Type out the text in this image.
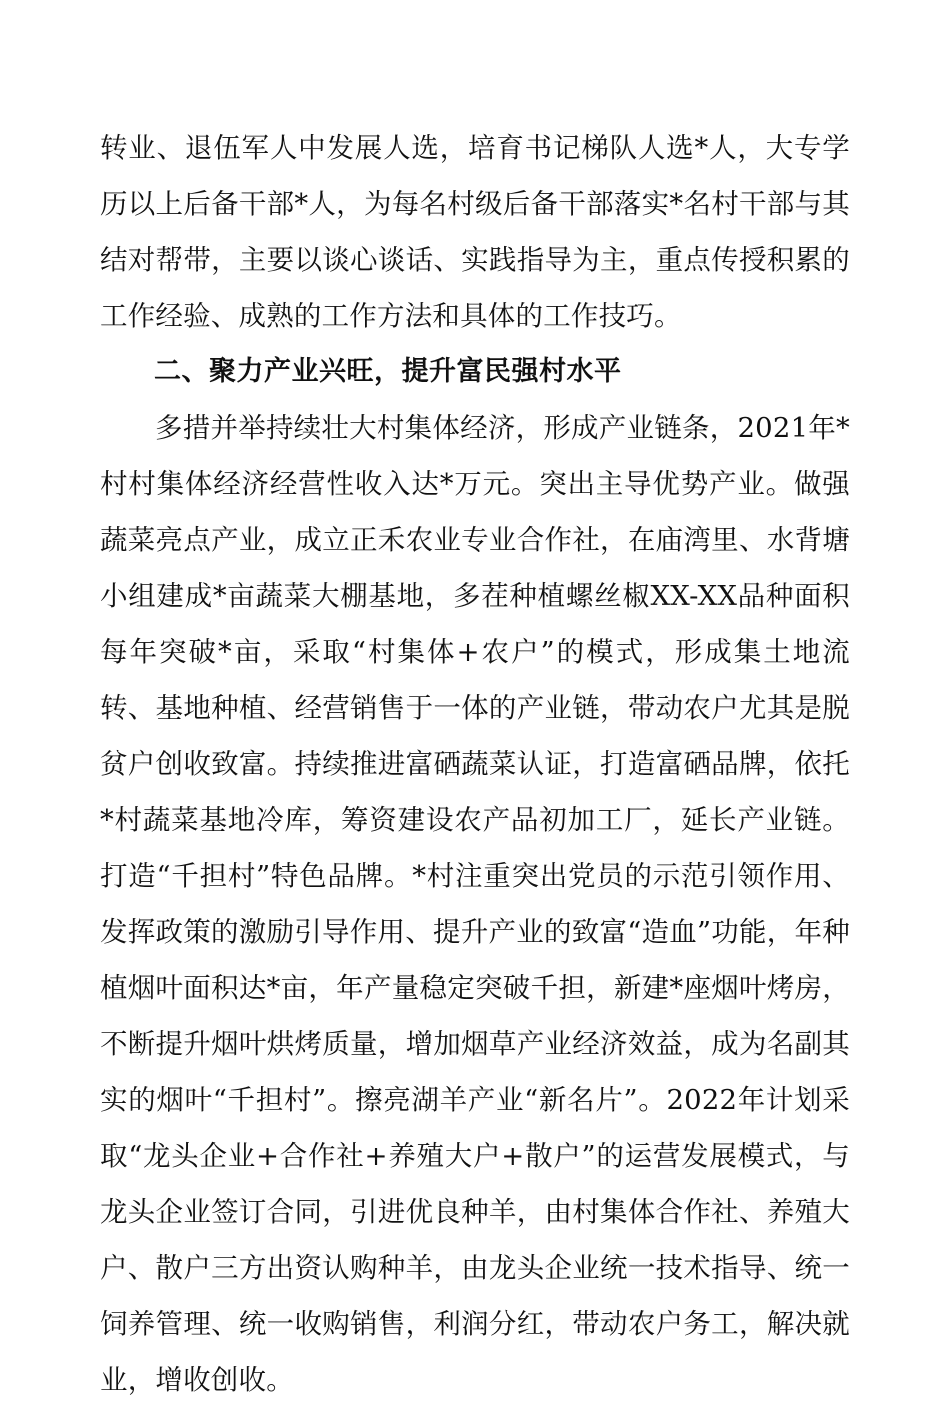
转业、退伍军人中发展人选，培育书记梯队人选*人，大专学历以上后备干部*人，为每名村级后备干部落实*名村干部与其结对帮带，主要以谈心谈话、实践指导为主，重点传授积累的工作经验、成熟的工作方法和具体的工作技巧。

二、聚力产业兴旺，提升富民强村水平

多措并举持续壮大村集体经济，形成产业链条，2021年*村村集体经济经营性收入达*万元。突出主导优势产业。做强蔬菜亮点产业，成立正禾农业专业合作社，在庙湾里、水背塘小组建成*亩蔬菜大棚基地，多茬种植螺丝椒XX-XX品种面积每年突破*亩，采取“村集体+农户”的模式，形成集土地流转、基地种植、经营销售于一体的产业链，带动农户尤其是脱贫户创收致富。持续推进富硒蔬菜认证，打造富硒品牌，依托*村蔬菜基地冷库，筹资建设农产品初加工厂，延长产业链。打造“千担村”特色品牌。*村注重突出党员的示范引领作用、发挥政策的激励引导作用、提升产业的致富“造血”功能，年种植烟叶面积达*亩，年产量稳定突破千担，新建*座烟叶烤房，不断提升烟叶烘烤质量，增加烟草产业经济效益，成为名副其实的烟叶“千担村”。擦亮湖羊产业“新名片”。2022年计划采取“龙头企业+合作社+养殖大户+散户”的运营发展模式，与龙头企业签订合同，引进优良种羊，由村集体合作社、养殖大户、散户三方出资认购种羊，由龙头企业统一技术指导、统一饲养管理、统一收购销售，利润分红，带动农户务工，解决就业，增收创收。
